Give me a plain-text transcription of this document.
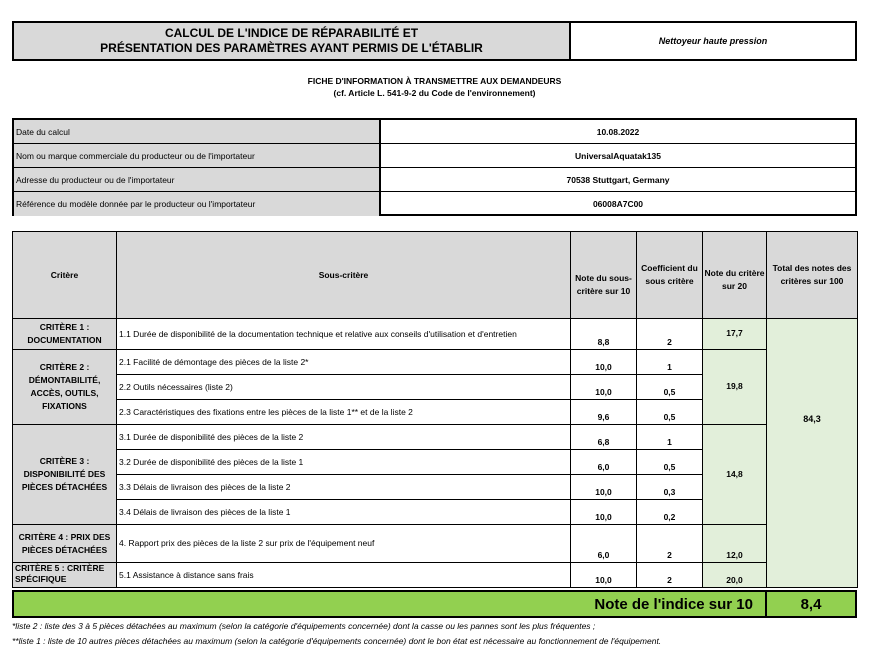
CALCUL DE L'INDICE DE RÉPARABILITÉ ET
PRÉSENTATION DES PARAMÈTRES AYANT PERMIS DE L'ÉTABLIR	Nettoyeur haute pression
FICHE D'INFORMATION À TRANSMETTRE AUX DEMANDEURS
(cf. Article L. 541-9-2 du Code de l'environnement)
Date du calcul	10.08.2022
Nom ou marque commerciale du producteur ou de l'importateur	UniversalAquatak135
Adresse du producteur ou de l'importateur	70538 Stuttgart, Germany
Référence du modèle donnée par le producteur ou l'importateur	06008A7C00
Critère	Sous-critère	Note du sous-critère sur 10	Coefficient du sous critère	Note du critère sur 20	Total des notes des critères sur 100
CRITÈRE 1 : DOCUMENTATION	1.1 Durée de disponibilité de la documentation technique et relative aux conseils d'utilisation et d'entretien	8,8	2	17,7	84,3
CRITÈRE 2 : DÉMONTABILITÉ, ACCÈS, OUTILS, FIXATIONS	2.1 Facilité de démontage des pièces de la liste 2*	10,0	1	19,8	
	2.2 Outils nécessaires (liste 2)	10,0	0,5		
	2.3 Caractéristiques des fixations entre les pièces de la liste 1** et de la liste 2	9,6	0,5		
CRITÈRE 3 : DISPONIBILITÉ DES PIÈCES DÉTACHÉES	3.1 Durée de disponibilité des pièces de la liste 2	6,8	1	14,8	
	3.2 Durée de disponibilité des pièces de la liste 1	6,0	0,5		
	3.3 Délais de livraison des pièces de la liste 2	10,0	0,3		
	3.4 Délais de livraison des pièces de la liste 1	10,0	0,2		
CRITÈRE 4 : PRIX DES PIÈCES DÉTACHÉES	4. Rapport prix des pièces de la liste 2 sur prix de l'équipement neuf	6,0	2	12,0	
CRITÈRE 5 : CRITÈRE SPÉCIFIQUE	5.1 Assistance à distance sans frais	10,0	2	20,0	
Note de l'indice sur 10	8,4
*liste 2 : liste des 3 à 5 pièces détachées au maximum (selon la catégorie d'équipements concernée) dont la casse ou les pannes sont les plus fréquentes ;
**liste 1 : liste de 10 autres pièces détachées au maximum (selon la catégorie d'équipements concernée) dont le bon état est nécessaire au fonctionnement de l'équipement.
